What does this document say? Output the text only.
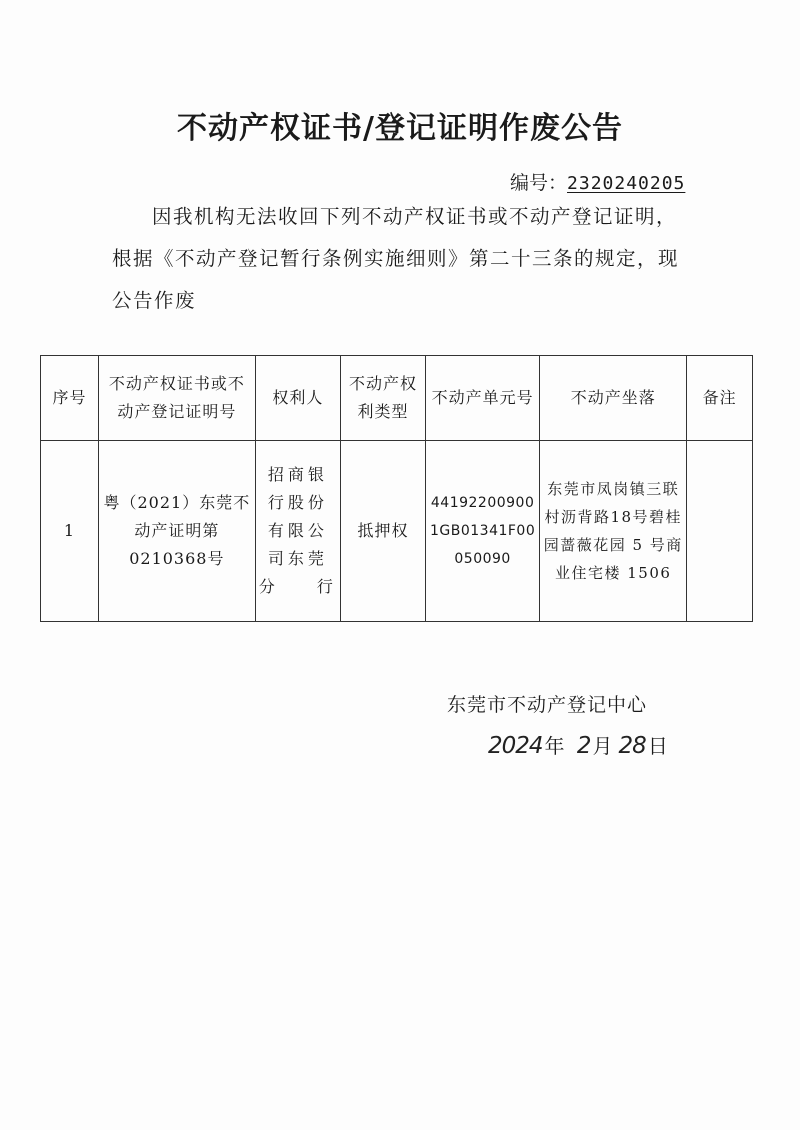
不动产权证书/登记证明作废公告
编号：2320240205
因我机构无法收回下列不动产权证书或不动产登记证明，根据《不动产登记暂行条例实施细则》第二十三条的规定，现公告作废
序号	不动产权证书或不动产登记证明号	权利人	不动产权利类型	不动产单元号	不动产坐落	备注
1	粤（2021）东莞不动产证明第0210368号	招商银行股份有限公司东莞分行	抵押权	441922009001GB01341F00050090	东莞市凤岗镇三联村沥背路18号碧桂园蔷薇花园 5 号商业住宅楼 1506	
东莞市不动产登记中心
2024 年 2 月 28 日
